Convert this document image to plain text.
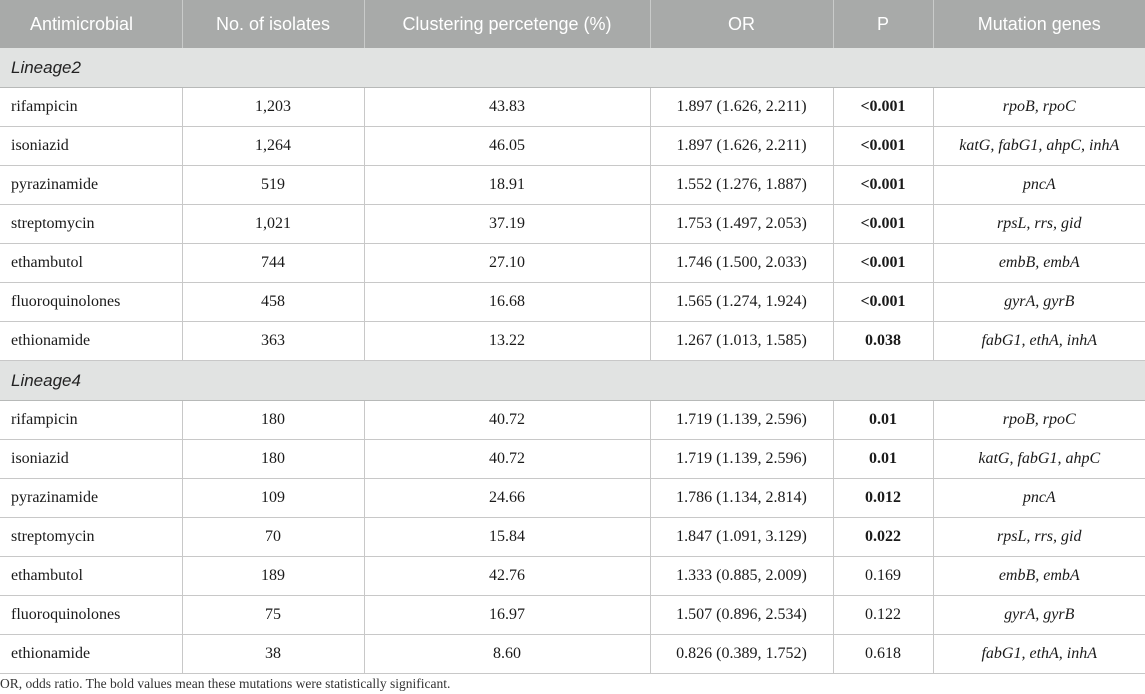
Antimicrobial	No. of isolates	Clustering percetenge (%)	OR	P	Mutation genes
Lineage2					
rifampicin	1,203	43.83	1.897 (1.626, 2.211)	<0.001	rpoB, rpoC
isoniazid	1,264	46.05	1.897 (1.626, 2.211)	<0.001	katG, fabG1, ahpC, inhA
pyrazinamide	519	18.91	1.552 (1.276, 1.887)	<0.001	pncA
streptomycin	1,021	37.19	1.753 (1.497, 2.053)	<0.001	rpsL, rrs, gid
ethambutol	744	27.10	1.746 (1.500, 2.033)	<0.001	embB, embA
fluoroquinolones	458	16.68	1.565 (1.274, 1.924)	<0.001	gyrA, gyrB
ethionamide	363	13.22	1.267 (1.013, 1.585)	0.038	fabG1, ethA, inhA
Lineage4					
rifampicin	180	40.72	1.719 (1.139, 2.596)	0.01	rpoB, rpoC
isoniazid	180	40.72	1.719 (1.139, 2.596)	0.01	katG, fabG1, ahpC
pyrazinamide	109	24.66	1.786 (1.134, 2.814)	0.012	pncA
streptomycin	70	15.84	1.847 (1.091, 3.129)	0.022	rpsL, rrs, gid
ethambutol	189	42.76	1.333 (0.885, 2.009)	0.169	embB, embA
fluoroquinolones	75	16.97	1.507 (0.896, 2.534)	0.122	gyrA, gyrB
ethionamide	38	8.60	0.826 (0.389, 1.752)	0.618	fabG1, ethA, inhA
OR, odds ratio. The bold values mean these mutations were statistically significant.
